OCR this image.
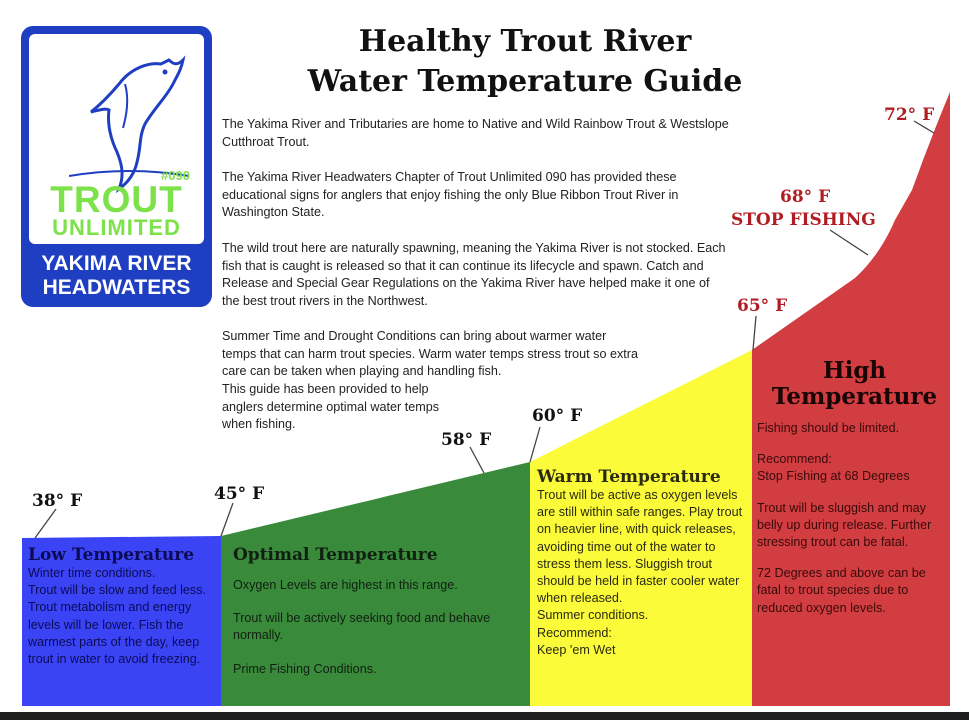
#090
TROUT
UNLIMITED
YAKIMA RIVER
HEADWATERS
Healthy Trout River
Water Temperature Guide
The Yakima River and Tributaries are home to Native and Wild Rainbow Trout & Westslope Cutthroat Trout.
The Yakima River Headwaters Chapter of Trout Unlimited 090 has provided these educational signs for anglers that enjoy fishing the only Blue Ribbon Trout River in Washington State.
The wild trout here are naturally spawning, meaning the Yakima River is not stocked. Each fish that is caught is released so that it can continue its lifecycle and spawn. Catch and Release and Special Gear Regulations on the Yakima River have helped make it one of the best trout rivers in the Northwest.
Summer Time and Drought Conditions can bring about warmer water temps that can harm trout species. Warm water temps stress trout so extra care can be taken when playing and handling fish.
This guide has been provided to help anglers determine optimal water temps when fishing.
38° F	45° F
58° F
60° F
65° F
68° F
STOP FISHING
72° F
Low Temperature
Winter time conditions.
Trout will be slow and feed less. Trout metabolism and energy levels will be lower. Fish the warmest parts of the day, keep trout in water to avoid freezing.
Optimal Temperature
Oxygen Levels are highest in this range.
Trout will be actively seeking food and behave normally.
Prime Fishing Conditions.
Warm Temperature
Trout will be active as oxygen levels are still within safe ranges. Play trout on heavier line, with quick releases, avoiding time out of the water to stress them less. Sluggish trout should be held in faster cooler water when released.
Summer conditions.
Recommend:
Keep 'em Wet
High
Temperature
Fishing should be limited.
Recommend:
Stop Fishing at 68 Degrees
Trout will be sluggish and may belly up during release. Further stressing trout can be fatal.
72 Degrees and above can be fatal to trout species due to reduced oxygen levels.
